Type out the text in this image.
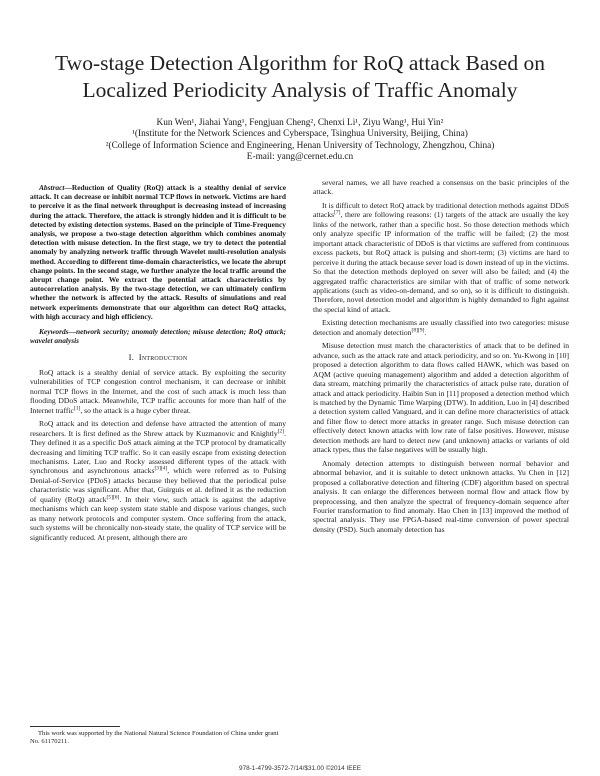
Two-stage Detection Algorithm for RoQ attack Based on
Localized Periodicity Analysis of Traffic Anomaly
Kun Wen¹, Jiahai Yang¹, Fengjuan Cheng², Chenxi Li¹, Ziyu Wang¹, Hui Yin²
¹(Institute for the Network Sciences and Cyberspace, Tsinghua University, Beijing, China)
²(College of Information Science and Engineering, Henan University of Technology, Zhengzhou, China)
E-mail: yang@cernet.edu.cn

Abstract—Reduction of Quality (RoQ) attack is a stealthy denial of service attack. It can decrease or inhibit normal TCP flows in network. Victims are hard to perceive it as the final network throughput is decreasing instead of increasing during the attack. Therefore, the attack is strongly hidden and it is difficult to be detected by existing detection systems. Based on the principle of Time-Frequency analysis, we propose a two-stage detection algorithm which combines anomaly detection with misuse detection. In the first stage, we try to detect the potential anomaly by analyzing network traffic through Wavelet multi-resolution analysis method. According to different time-domain characteristics, we locate the abrupt change points. In the second stage, we further analyze the local traffic around the abrupt change point. We extract the potential attack characteristics by autocorrelation analysis. By the two-stage detection, we can ultimately confirm whether the network is affected by the attack. Results of simulations and real network experiments demonstrate that our algorithm can detect RoQ attacks, with high accuracy and high efficiency.

Keywords—network security; anomaly detection; misuse detection; RoQ attack; wavelet analysis

I. Introduction

RoQ attack is a stealthy denial of service attack. By exploiting the security vulnerabilities of TCP congestion control mechanism, it can decrease or inhibit normal TCP flows in the Internet, and the cost of such attack is much less than flooding DDoS attack. Meanwhile, TCP traffic accounts for more than half of the Internet traffic[1], so the attack is a huge cyber threat.

RoQ attack and its detection and defense have attracted the attention of many researchers. It is first defined as the Shrew attack by Kuzmanovic and Knightly[2]. They defined it as a specific DoS attack aiming at the TCP protocol by dramatically decreasing and limiting TCP traffic. So it can easily escape from existing detection mechanisms. Later, Luo and Rocky assessed different types of the attack with synchronous and asynchronous attacks[3][4], which were referred as to Pulsing Denial-of-Service (PDoS) attacks because they believed that the periodical pulse characteristic was significant. After that, Guirguis et al. defined it as the reduction of quality (RoQ) attack[5][6]. In their view, such attack is against the adaptive mechanisms which can keep system state stable and dispose various changes, such as many network protocols and computer system. Once suffering from the attack, such systems will be chronically non-steady state, the quality of TCP service will be significantly reduced. At present, although there are

several names, we all have reached a consensus on the basic principles of the attack.

It is difficult to detect RoQ attack by traditional detection methods against DDoS attacks[7], there are following reasons: (1) targets of the attack are usually the key links of the network, rather than a specific host. So those detection methods which only analyze specific IP information of the traffic will be failed; (2) the most important attack characteristic of DDoS is that victims are suffered from continuous excess packets, but RoQ attack is pulsing and short-term; (3) victims are hard to perceive it during the attack because sever load is down instead of up in the victims. So that the detection methods deployed on sever will also be failed; and (4) the aggregated traffic characteristics are similar with that of traffic of some network applications (such as video-on-demand, and so on), so it is difficult to distinguish. Therefore, novel detection model and algorithm is highly demanded to fight against the special kind of attack.

Existing detection mechanisms are usually classified into two categories: misuse detection and anomaly detection[8][9].

Misuse detection must match the characteristics of attack that to be defined in advance, such as the attack rate and attack periodicity, and so on. Yu-Kwong in [10] proposed a detection algorithm to data flows called HAWK, which was based on AQM (active queuing management) algorithm and added a detection algorithm of data stream, matching primarily the characteristics of attack pulse rate, duration of attack and attack periodicity. Haibin Sun in [11] proposed a detection method which is matched by the Dynamic Time Warping (DTW). In addition, Luo in [4] described a detection system called Vanguard, and it can define more characteristics of attack and filter flow to detect more attacks in greater range. Such misuse detection can effectively detect known attacks with low rate of false positives. However, misuse detection methods are hard to detect new (and unknown) attacks or variants of old attack types, thus the false negatives will be usually high.

Anomaly detection attempts to distinguish between normal behavior and abnormal behavior, and it is suitable to detect unknown attacks. Yu Chen in [12] proposed a collaborative detection and filtering (CDF) algorithm based on spectral analysis. It can enlarge the differences between normal flow and attack flow by preprocessing, and then analyze the spectral of frequency-domain sequence after Fourier transformation to find anomaly. Hao Chen in [13] improved the method of spectral analysis. They use FPGA-based real-time conversion of power spectral density (PSD). Such anomaly detection has

This work was supported by the National Natural Science Foundation of China under grant No. 61170211.
978-1-4799-3572-7/14/$31.00 ©2014 IEEE
